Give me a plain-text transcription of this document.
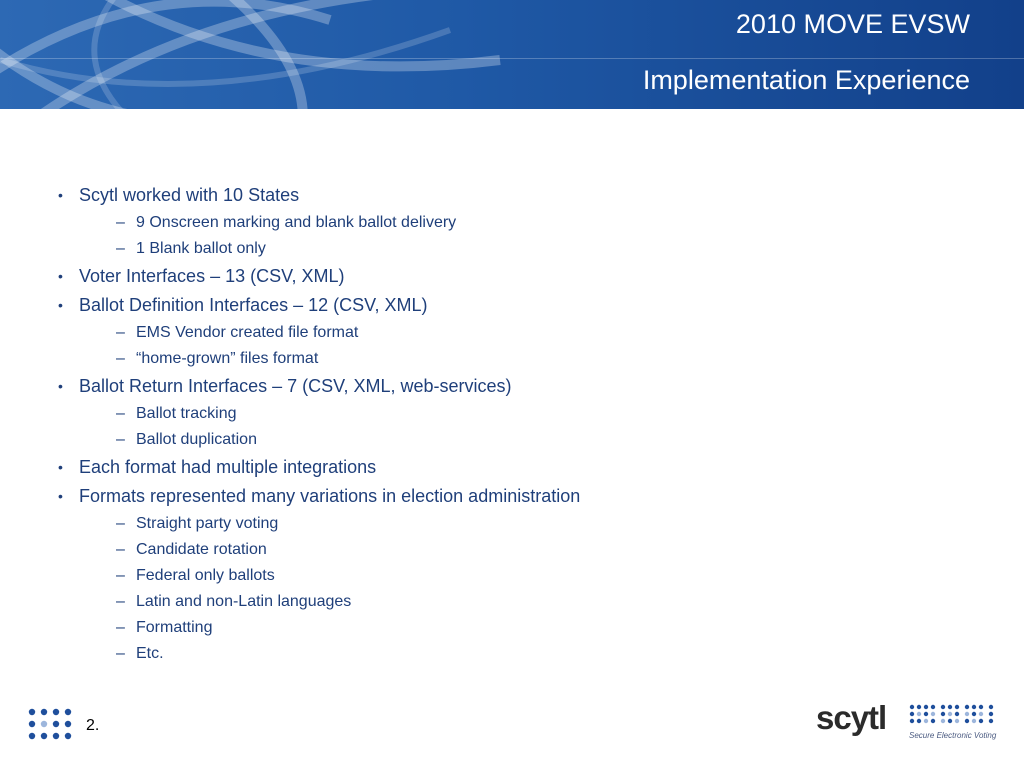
2010 MOVE EVSW
Implementation Experience
• Scytl worked with 10 States
– 9 Onscreen marking and blank ballot delivery
– 1 Blank ballot only
• Voter Interfaces – 13 (CSV, XML)
• Ballot Definition Interfaces – 12 (CSV, XML)
– EMS Vendor created file format
– “home-grown” files format
• Ballot Return Interfaces – 7 (CSV, XML, web-services)
– Ballot tracking
– Ballot duplication
• Each format had multiple integrations
• Formats represented many variations in election administration
– Straight party voting
– Candidate rotation
– Federal only ballots
– Latin and non-Latin languages
– Formatting
– Etc.
2.	scytl	Secure Electronic Voting
